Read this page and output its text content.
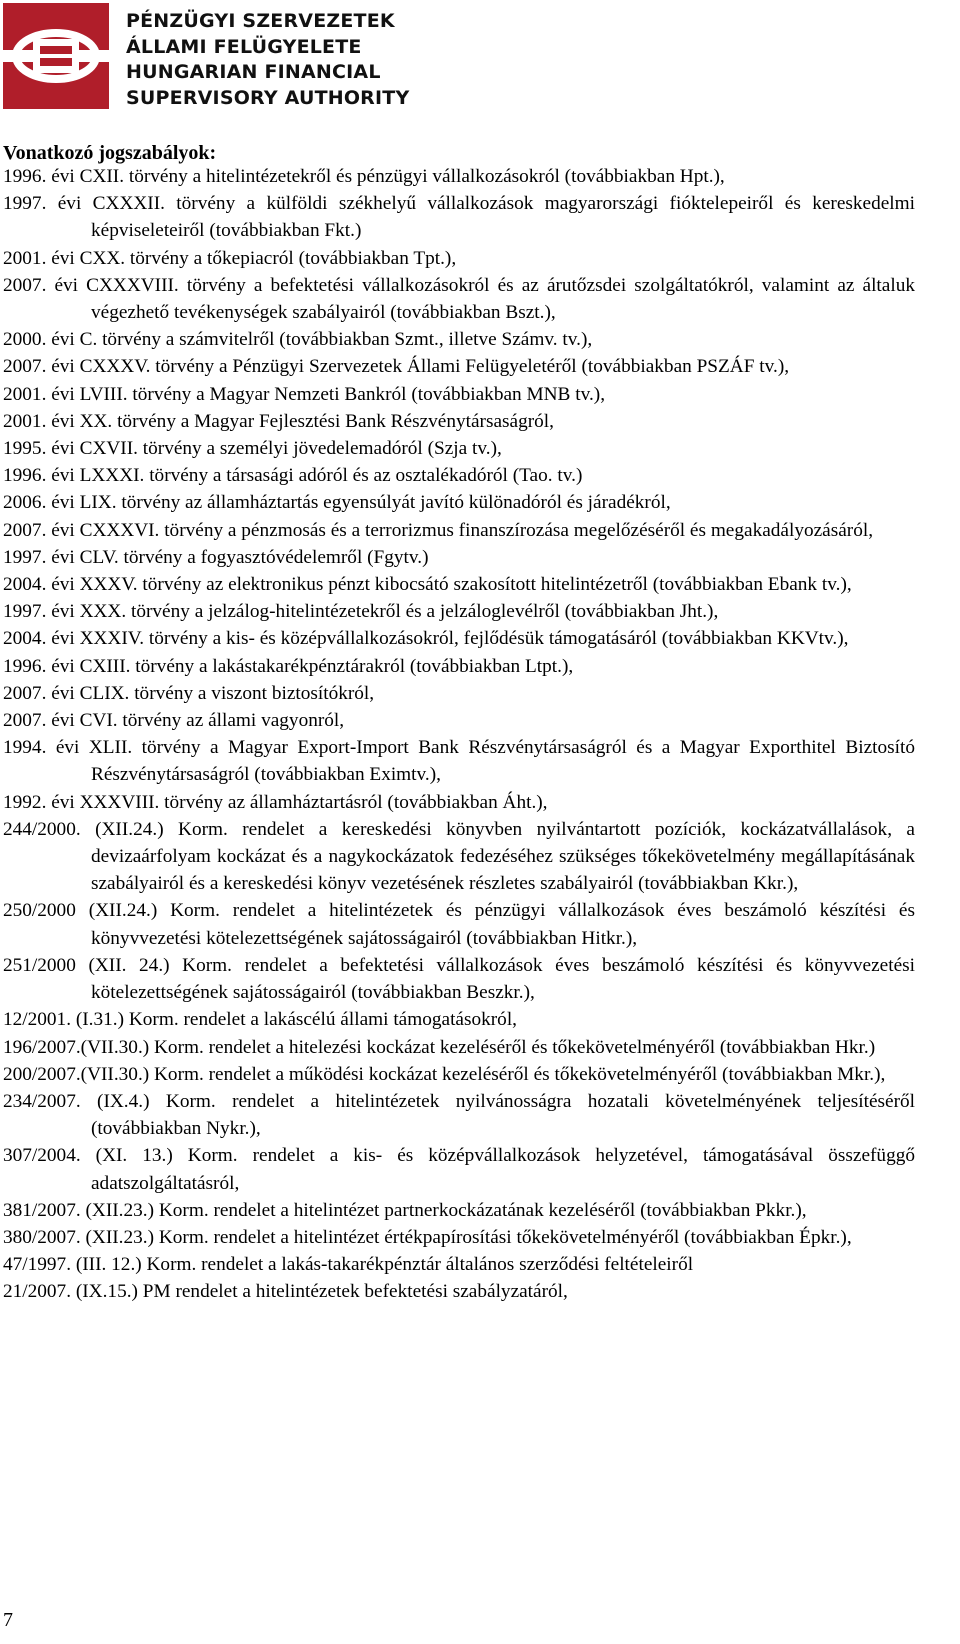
PÉNZÜGYI SZERVEZETEK
ÁLLAMI FELÜGYELETE
HUNGARIAN FINANCIAL
SUPERVISORY AUTHORITY
Vonatkozó jogszabályok:
1996. évi CXII. törvény a hitelintézetekről és pénzügyi vállalkozásokról (továbbiakban Hpt.),
1997. évi CXXXII. törvény a külföldi székhelyű vállalkozások magyarországi fióktelepeiről és kereskedelmi képviseleteiről (továbbiakban Fkt.)
2001. évi CXX. törvény a tőkepiacról (továbbiakban Tpt.),
2007. évi CXXXVIII. törvény a befektetési vállalkozásokról és az árutőzsdei szolgáltatókról, valamint az általuk végezhető tevékenységek szabályairól (továbbiakban Bszt.),
2000. évi C. törvény a számvitelről (továbbiakban Szmt., illetve Számv. tv.),
2007. évi CXXXV. törvény a Pénzügyi Szervezetek Állami Felügyeletéről (továbbiakban PSZÁF tv.),
2001. évi LVIII. törvény a Magyar Nemzeti Bankról (továbbiakban MNB tv.),
2001. évi XX. törvény a Magyar Fejlesztési Bank Részvénytársaságról,
1995. évi CXVII. törvény a személyi jövedelemadóról (Szja tv.),
1996. évi LXXXI. törvény a társasági adóról és az osztalékadóról (Tao. tv.)
2006. évi LIX. törvény az államháztartás egyensúlyát javító különadóról és járadékról,
2007. évi CXXXVI. törvény a pénzmosás és a terrorizmus finanszírozása megelőzéséről és megakadályozásáról,
1997. évi CLV. törvény a fogyasztóvédelemről (Fgytv.)
2004. évi XXXV. törvény az elektronikus pénzt kibocsátó szakosított hitelintézetről (továbbiakban Ebank tv.),
1997. évi XXX. törvény a jelzálog-hitelintézetekről és a jelzáloglevélről (továbbiakban Jht.),
2004. évi XXXIV. törvény a kis- és középvállalkozásokról, fejlődésük támogatásáról (továbbiakban KKVtv.),
1996. évi CXIII. törvény a lakástakarékpénztárakról (továbbiakban Ltpt.),
2007. évi CLIX. törvény a viszont biztosítókról,
2007. évi CVI. törvény az állami vagyonról,
1994. évi XLII. törvény a Magyar Export-Import Bank Részvénytársaságról és a Magyar Exporthitel Biztosító Részvénytársaságról (továbbiakban Eximtv.),
1992. évi XXXVIII. törvény az államháztartásról (továbbiakban Áht.),
244/2000. (XII.24.) Korm. rendelet a kereskedési könyvben nyilvántartott pozíciók, kockázatvállalások, a devizaárfolyam kockázat és a nagykockázatok fedezéséhez szükséges tőkekövetelmény megállapításának szabályairól és a kereskedési könyv vezetésének részletes szabályairól (továbbiakban Kkr.),
250/2000 (XII.24.) Korm. rendelet a hitelintézetek és pénzügyi vállalkozások éves beszámoló készítési és könyvvezetési kötelezettségének sajátosságairól (továbbiakban Hitkr.),
251/2000 (XII. 24.) Korm. rendelet a befektetési vállalkozások éves beszámoló készítési és könyvvezetési kötelezettségének sajátosságairól (továbbiakban Beszkr.),
12/2001. (I.31.) Korm. rendelet a lakáscélú állami támogatásokról,
196/2007.(VII.30.) Korm. rendelet a hitelezési kockázat kezeléséről és tőkekövetelményéről (továbbiakban Hkr.)
200/2007.(VII.30.) Korm. rendelet a működési kockázat kezeléséről és tőkekövetelményéről (továbbiakban Mkr.),
234/2007. (IX.4.) Korm. rendelet a hitelintézetek nyilvánosságra hozatali követelményének teljesítéséről (továbbiakban Nykr.),
307/2004. (XI. 13.) Korm. rendelet a kis- és középvállalkozások helyzetével, támogatásával összefüggő adatszolgáltatásról,
381/2007. (XII.23.) Korm. rendelet a hitelintézet partnerkockázatának kezeléséről (továbbiakban Pkkr.),
380/2007. (XII.23.) Korm. rendelet a hitelintézet értékpapírosítási tőkekövetelményéről (továbbiakban Épkr.),
47/1997. (III. 12.) Korm. rendelet a lakás-takarékpénztár általános szerződési feltételeiről
21/2007. (IX.15.) PM rendelet a hitelintézetek befektetési szabályzatáról,
7
